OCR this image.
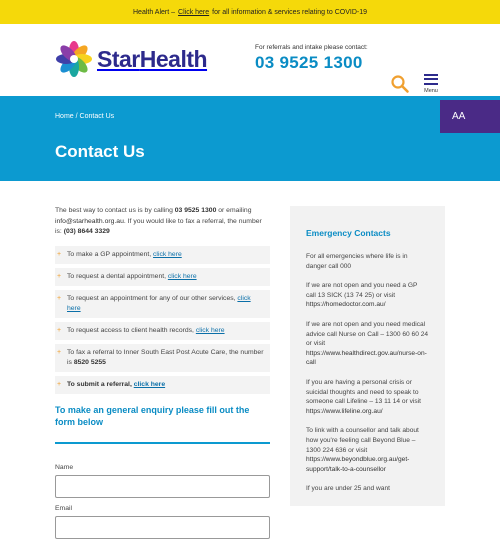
Health Alert – Click here for all information & services relating to COVID-19
StarHealth	For referrals and intake please contact:
03 9525 1300
Menu
Home / Contact Us
Contact Us
AA

The best way to contact us is by calling 03 9525 1300 or emailing info@starhealth.org.au. If you would like to fax a referral, the number is: (03) 8644 3329

+ To make a GP appointment, click here
+ To request a dental appointment, click here
+ To request an appointment for any of our other services, click here
+ To request access to client health records, click here
+ To fax a referral to Inner South East Post Acute Care, the number is 8520 5255
+ To submit a referral, click here
To make an general enquiry please fill out the form below
Name
Email
Emergency Contacts

For all emergencies where life is in danger call 000

If we are not open and you need a GP call 13 SICK (13 74 25) or visit
https://homedoctor.com.au/

If we are not open and you need medical advice call Nurse on Call – 1300 60 60 24 or visit
https://www.healthdirect.gov.au/nurse-on-call

If you are having a personal crisis or suicidal thoughts and need to speak to someone call Lifeline – 13 11 14 or visit
https://www.lifeline.org.au/

To link with a counsellor and talk about how you're feeling call Beyond Blue – 1300 224 636 or visit
https://www.beyondblue.org.au/get-support/talk-to-a-counsellor

If you are under 25 and want
